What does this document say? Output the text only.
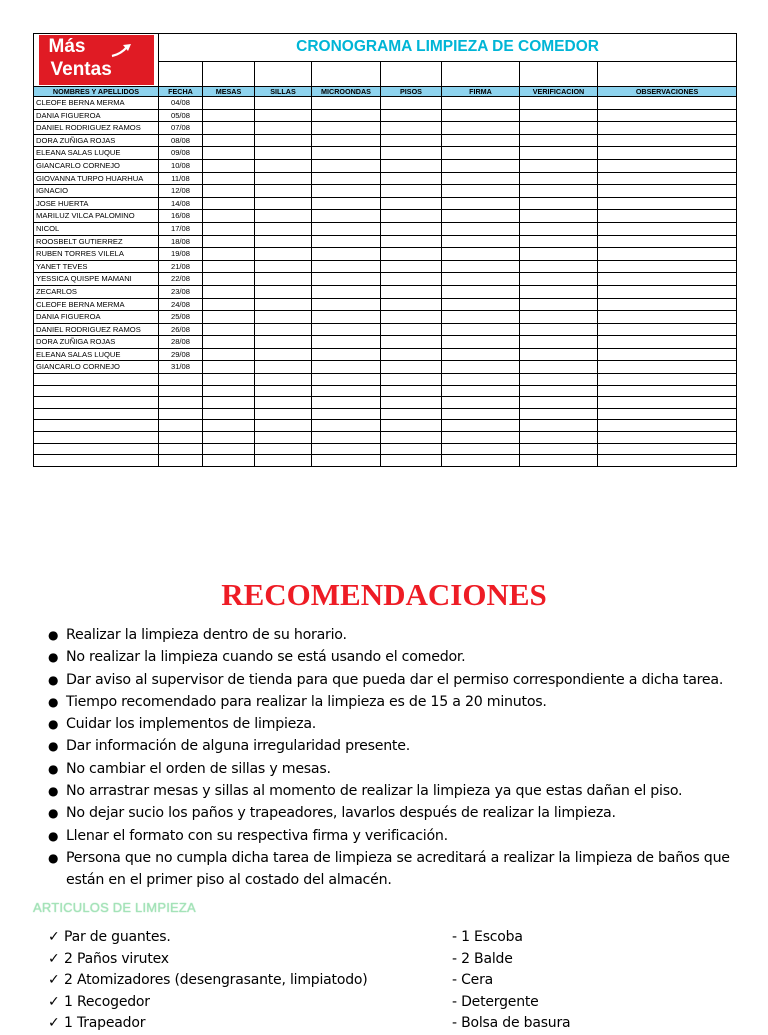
Más
Ventas	CRONOGRAMA LIMPIEZA DE COMEDOR							

NOMBRES Y APELLIDOS	FECHA	MESAS	SILLAS	MICROONDAS	PISOS	FIRMA	VERIFICACION	OBSERVACIONES
CLEOFE BERNA MERMA	04/08							
DANIA FIGUEROA	05/08							
DANIEL RODRIGUEZ RAMOS	07/08							
DORA ZUÑIGA ROJAS	08/08							
ELEANA SALAS LUQUE	09/08							
GIANCARLO CORNEJO	10/08							
GIOVANNA TURPO HUARHUA	11/08							
IGNACIO	12/08							
JOSE HUERTA	14/08							
MARILUZ VILCA PALOMINO	16/08							
NICOL	17/08							
ROOSBELT GUTIERREZ	18/08							
RUBEN TORRES VILELA	19/08							
YANET TEVES	21/08							
YESSICA QUISPE MAMANI	22/08							
ZECARLOS	23/08							
CLEOFE BERNA MERMA	24/08							
DANIA FIGUEROA	25/08							
DANIEL RODRIGUEZ RAMOS	26/08							
DORA ZUÑIGA ROJAS	28/08							
ELEANA SALAS LUQUE	29/08							
GIANCARLO CORNEJO	31/08							

RECOMENDACIONES
● Realizar la limpieza dentro de su horario.
● No realizar la limpieza cuando se está usando el comedor.
● Dar aviso al supervisor de tienda para que pueda dar el permiso correspondiente a dicha tarea.
● Tiempo recomendado para realizar la limpieza es de 15 a 20 minutos.
● Cuidar los implementos de limpieza.
● Dar información de alguna irregularidad presente.
● No cambiar el orden de sillas y mesas.
● No arrastrar mesas y sillas al momento de realizar la limpieza ya que estas dañan el piso.
● No dejar sucio los paños y trapeadores, lavarlos después de realizar la limpieza.
● Llenar el formato con su respectiva firma y verificación.
● Persona que no cumpla dicha tarea de limpieza se acreditará a realizar la limpieza de baños que
están en el primer piso al costado del almacén.
ARTICULOS DE LIMPIEZA
✓ Par de guantes.
✓ 2 Paños virutex
✓ 2 Atomizadores (desengrasante, limpiatodo)
✓ 1 Recogedor
✓ 1 Trapeador
- 1 Escoba
- 2 Balde
- Cera
- Detergente
- Bolsa de basura
